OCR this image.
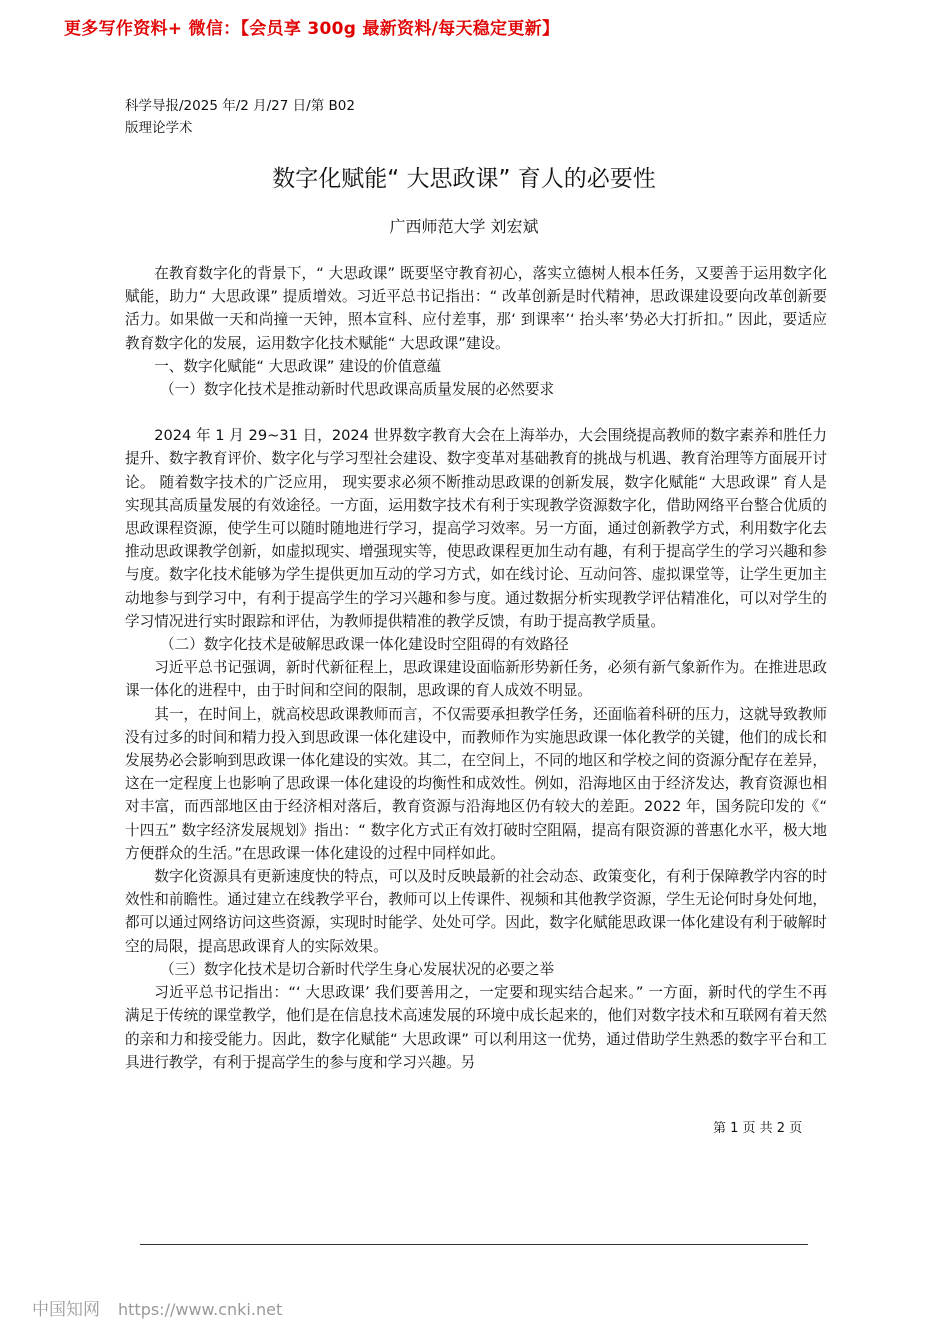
更多写作资料+ 微信：【会员享 300g 最新资料/每天稳定更新】
科学导报/2025 年/2 月/27 日/第 B02
版理论学术
数字化赋能“ 大思政课” 育人的必要性
广西师范大学 刘宏斌

在教育数字化的背景下，“ 大思政课” 既要坚守教育初心，落实立德树人根本任务，又要善于运用数字化赋能，助力“ 大思政课” 提质增效。习近平总书记指出：“ 改革创新是时代精神，思政课建设要向改革创新要活力。如果做一天和尚撞一天钟，照本宣科、应付差事，那‘ 到课率’‘ 抬头率’势必大打折扣。” 因此，要适应教育数字化的发展，运用数字化技术赋能“ 大思政课”建设。

一、数字化赋能“ 大思政课” 建设的价值意蕴

（一）数字化技术是推动新时代思政课高质量发展的必然要求

2024 年 1 月 29~31 日，2024 世界数字教育大会在上海举办，大会围绕提高教师的数字素养和胜任力提升、数字教育评价、数字化与学习型社会建设、数字变革对基础教育的挑战与机遇、教育治理等方面展开讨论。 随着数字技术的广泛应用， 现实要求必须不断推动思政课的创新发展，数字化赋能“ 大思政课” 育人是实现其高质量发展的有效途径。一方面，运用数字技术有利于实现教学资源数字化，借助网络平台整合优质的思政课程资源，使学生可以随时随地进行学习，提高学习效率。另一方面，通过创新教学方式，利用数字化去推动思政课教学创新，如虚拟现实、增强现实等，使思政课程更加生动有趣，有利于提高学生的学习兴趣和参与度。数字化技术能够为学生提供更加互动的学习方式，如在线讨论、互动问答、虚拟课堂等，让学生更加主动地参与到学习中，有利于提高学生的学习兴趣和参与度。通过数据分析实现教学评估精准化，可以对学生的学习情况进行实时跟踪和评估，为教师提供精准的教学反馈，有助于提高教学质量。

（二）数字化技术是破解思政课一体化建设时空阻碍的有效路径

习近平总书记强调，新时代新征程上，思政课建设面临新形势新任务，必须有新气象新作为。在推进思政课一体化的进程中，由于时间和空间的限制，思政课的育人成效不明显。

其一，在时间上，就高校思政课教师而言，不仅需要承担教学任务，还面临着科研的压力，这就导致教师没有过多的时间和精力投入到思政课一体化建设中，而教师作为实施思政课一体化教学的关键，他们的成长和发展势必会影响到思政课一体化建设的实效。其二，在空间上，不同的地区和学校之间的资源分配存在差异，这在一定程度上也影响了思政课一体化建设的均衡性和成效性。例如，沿海地区由于经济发达，教育资源也相对丰富，而西部地区由于经济相对落后，教育资源与沿海地区仍有较大的差距。2022 年，国务院印发的《“ 十四五” 数字经济发展规划》指出：“ 数字化方式正有效打破时空阻隔，提高有限资源的普惠化水平，极大地方便群众的生活。”在思政课一体化建设的过程中同样如此。

数字化资源具有更新速度快的特点，可以及时反映最新的社会动态、政策变化，有利于保障教学内容的时效性和前瞻性。通过建立在线教学平台，教师可以上传课件、视频和其他教学资源，学生无论何时身处何地，都可以通过网络访问这些资源，实现时时能学、处处可学。因此，数字化赋能思政课一体化建设有利于破解时空的局限，提高思政课育人的实际效果。

（三）数字化技术是切合新时代学生身心发展状况的必要之举

习近平总书记指出：“‘ 大思政课’ 我们要善用之，一定要和现实结合起来。” 一方面，新时代的学生不再满足于传统的课堂教学，他们是在信息技术高速发展的环境中成长起来的，他们对数字技术和互联网有着天然的亲和力和接受能力。因此，数字化赋能“ 大思政课” 可以利用这一优势，通过借助学生熟悉的数字平台和工具进行教学，有利于提高学生的参与度和学习兴趣。另

第 1 页 共 2 页
中国知网 https://www.cnki.net
